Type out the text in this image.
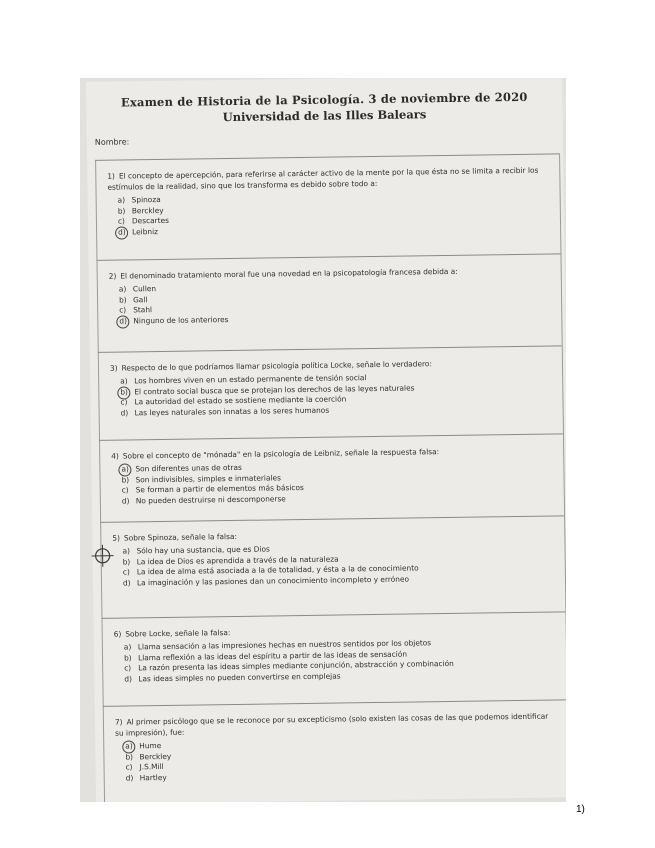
Examen de Historia de la Psicología. 3 de noviembre de 2020
Universidad de las Illes Balears
Nombre:
1) El concepto de apercepción, para referirse al carácter activo de la mente por la que ésta no se limita a recibir los estímulos de la realidad, sino que los transforma es debido sobre todo a:
a) Spinoza
b) Berckley
c) Descartes
d) Leibniz
2) El denominado tratamiento moral fue una novedad en la psicopatología francesa debida a:
a) Cullen
b) Gall
c) Stahl
d) Ninguno de los anteriores
3) Respecto de lo que podríamos llamar psicología política Locke, señale lo verdadero:
a) Los hombres viven en un estado permanente de tensión social
b) El contrato social busca que se protejan los derechos de las leyes naturales
c) La autoridad del estado se sostiene mediante la coerción
d) Las leyes naturales son innatas a los seres humanos
4) Sobre el concepto de "mónada" en la psicología de Leibniz, señale la respuesta falsa:
a) Son diferentes unas de otras
b) Son indivisibles, simples e inmateriales
c) Se forman a partir de elementos más básicos
d) No pueden destruirse ni descomponerse
5) Sobre Spinoza, señale la falsa:
a) Sólo hay una sustancia, que es Dios
b) La idea de Dios es aprendida a través de la naturaleza
c) La idea de alma está asociada a la de totalidad, y ésta a la de conocimiento
d) La imaginación y las pasiones dan un conocimiento incompleto y erróneo
6) Sobre Locke, señale la falsa:
a) Llama sensación a las impresiones hechas en nuestros sentidos por los objetos
b) Llama reflexión a las ideas del espíritu a partir de las ideas de sensación
c) La razón presenta las ideas simples mediante conjunción, abstracción y combinación
d) Las ideas simples no pueden convertirse en complejas
7) Al primer psicólogo que se le reconoce por su excepticismo (solo existen las cosas de las que podemos identificar su impresión), fue:
a) Hume
b) Berckley
c) J.S.Mill
d) Hartley
1)
